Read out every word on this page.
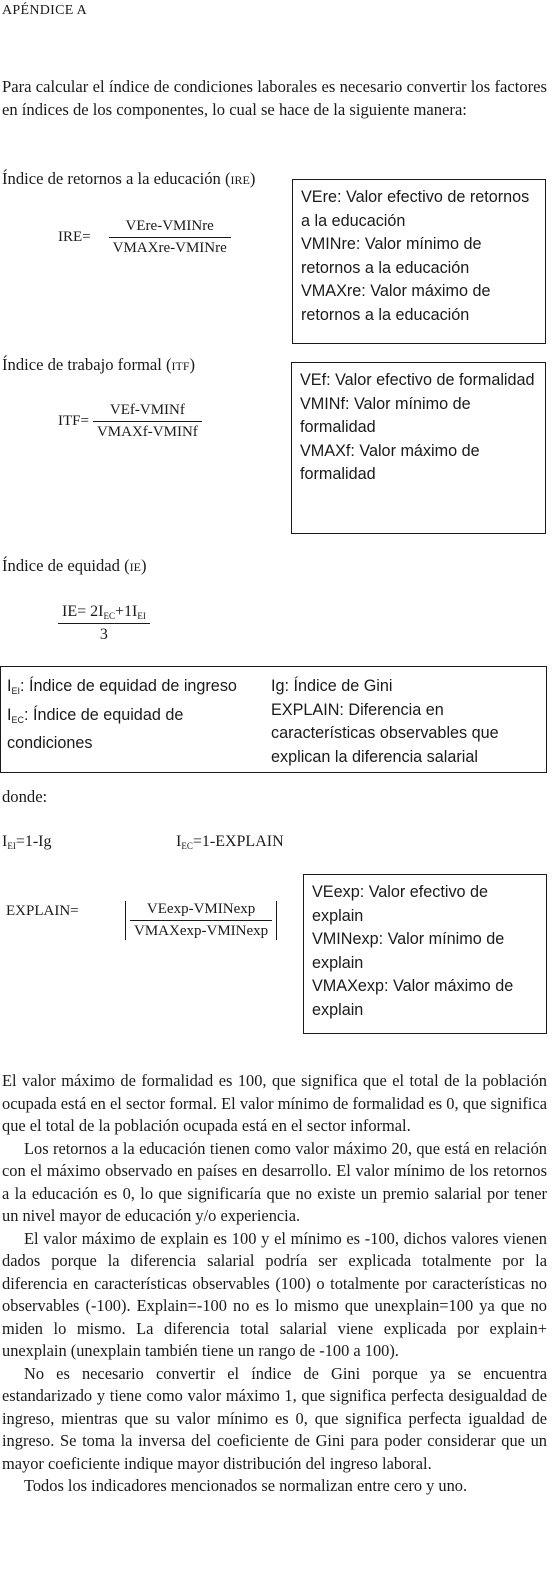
APÉNDICE A
Para calcular el índice de condiciones laborales es necesario convertir los factores en índices de los componentes, lo cual se hace de la siguiente manera:
Índice de retornos a la educación (ire)
$IRE= \frac{\text{VEre-VMINre}}{\text{VMAXre-VMINre}}$
VEre: Valor efectivo de retornos a la educación
VMINre: Valor mínimo de retornos a la educación
VMAXre: Valor máximo de retornos a la educación
Índice de trabajo formal (itf)
$ITF= \frac{\text{VEf-VMINf}}{\text{VMAXf-VMINf}}$
VEf: Valor efectivo de formalidad
VMINf: Valor mínimo de formalidad
VMAXf: Valor máximo de formalidad
Índice de equidad (ie)
$\frac{IE= 2I_{EC}+1I_{EI}}{3}$
$I_{EI}$: Índice de equidad de ingreso
$I_{EC}$: Índice de equidad de condiciones
Ig: Índice de Gini
EXPLAIN: Diferencia en características observables que explican la diferencia salarial
donde:
$I_{EI}=1-Ig$	$I_{EC}=1$-EXPLAIN
EXPLAIN=	$\frac{\text{VEexp-VMINexp}}{\text{VMAXexp-VMINexp}}$
VEexp: Valor efectivo de explain
VMINexp: Valor mínimo de explain
VMAXexp: Valor máximo de explain

El valor máximo de formalidad es 100, que significa que el total de la población ocupada está en el sector formal. El valor mínimo de formalidad es 0, que significa que el total de la población ocupada está en el sector informal.

Los retornos a la educación tienen como valor máximo 20, que está en relación con el máximo observado en países en desarrollo. El valor mínimo de los retornos a la educación es 0, lo que significaría que no existe un premio salarial por tener un nivel mayor de educación y/o experiencia.

El valor máximo de explain es 100 y el mínimo es -100, dichos valores vienen dados porque la diferencia salarial podría ser explicada totalmente por la diferencia en características observables (100) o totalmente por características no observables (-100). Explain=-100 no es lo mismo que unexplain=100 ya que no miden lo mismo. La diferencia total salarial viene explicada por explain+ unexplain (unexplain también tiene un rango de -100 a 100).

No es necesario convertir el índice de Gini porque ya se encuentra estandarizado y tiene como valor máximo 1, que significa perfecta desigualdad de ingreso, mientras que su valor mínimo es 0, que significa perfecta igualdad de ingreso. Se toma la inversa del coeficiente de Gini para poder considerar que un mayor coeficiente indique mayor distribución del ingreso laboral.

Todos los indicadores mencionados se normalizan entre cero y uno.
